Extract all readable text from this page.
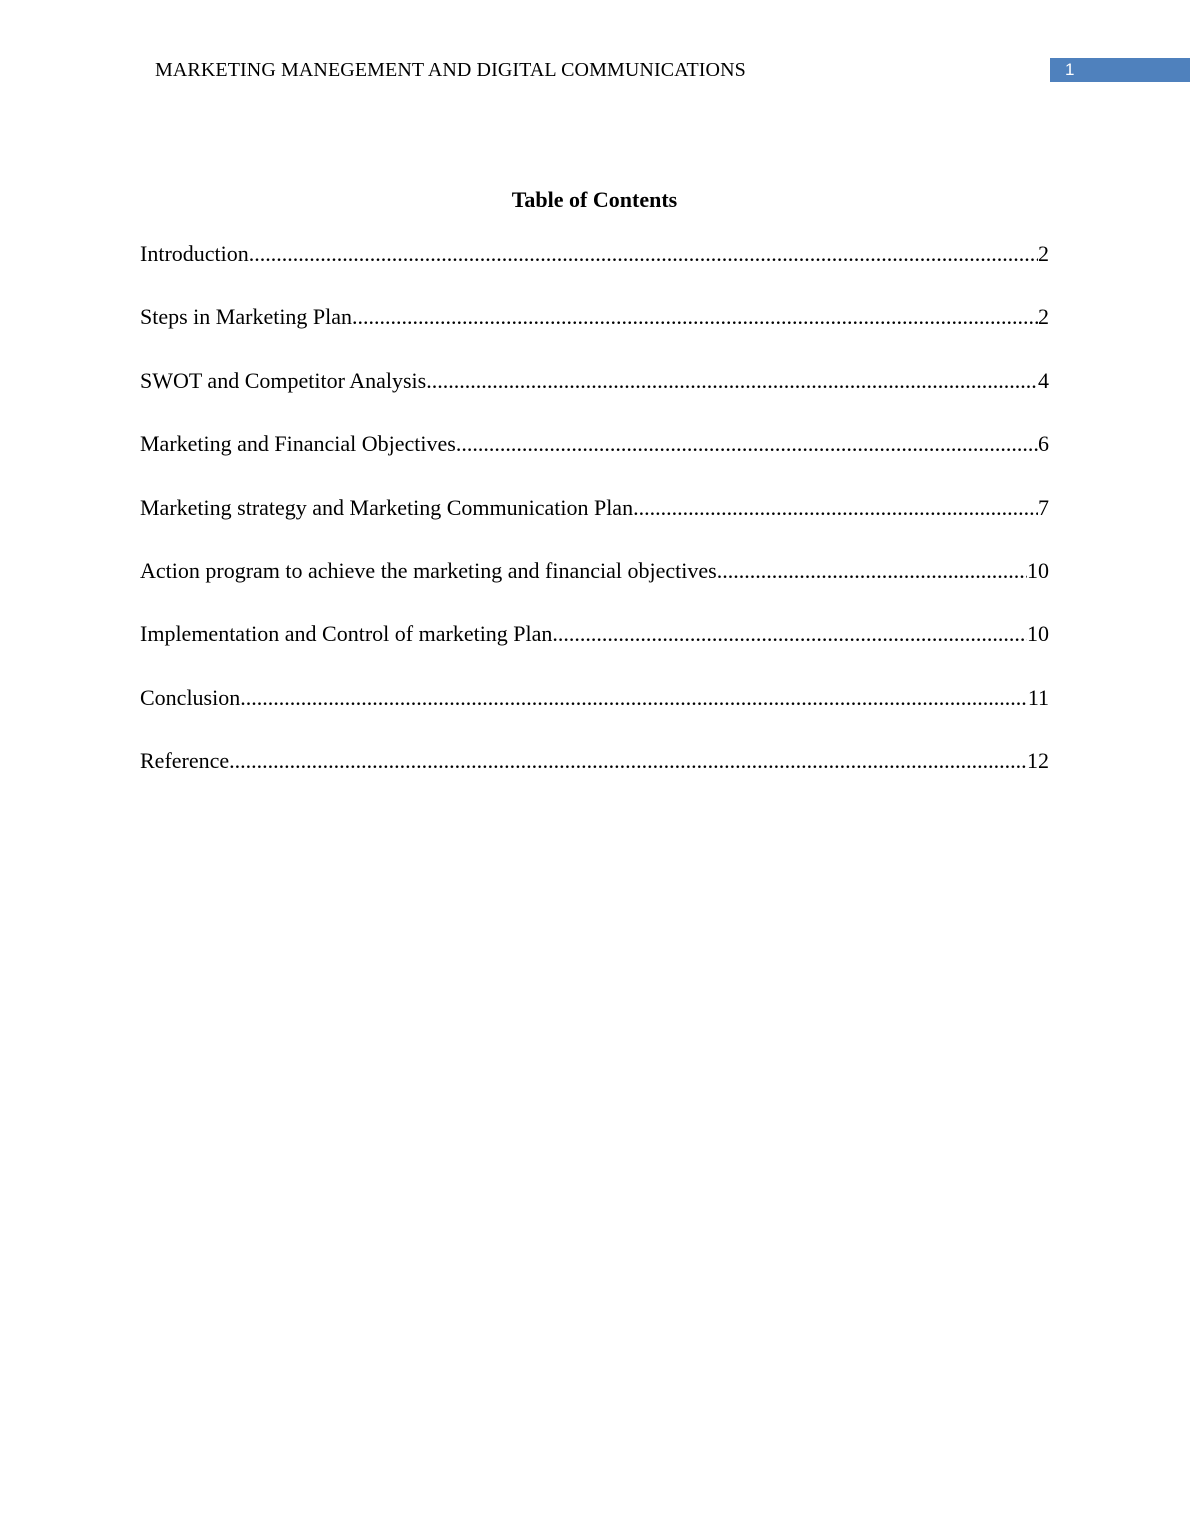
MARKETING MANEGEMENT AND DIGITAL COMMUNICATIONS	1
Table of Contents
Introduction .....	2
Steps in Marketing Plan .....	2
SWOT and Competitor Analysis .....	4
Marketing and Financial Objectives .....	6
Marketing strategy and Marketing Communication Plan .....	7
Action program to achieve the marketing and financial objectives .....	10
Implementation and Control of marketing Plan .....	10
Conclusion .....	11
Reference .....	12
